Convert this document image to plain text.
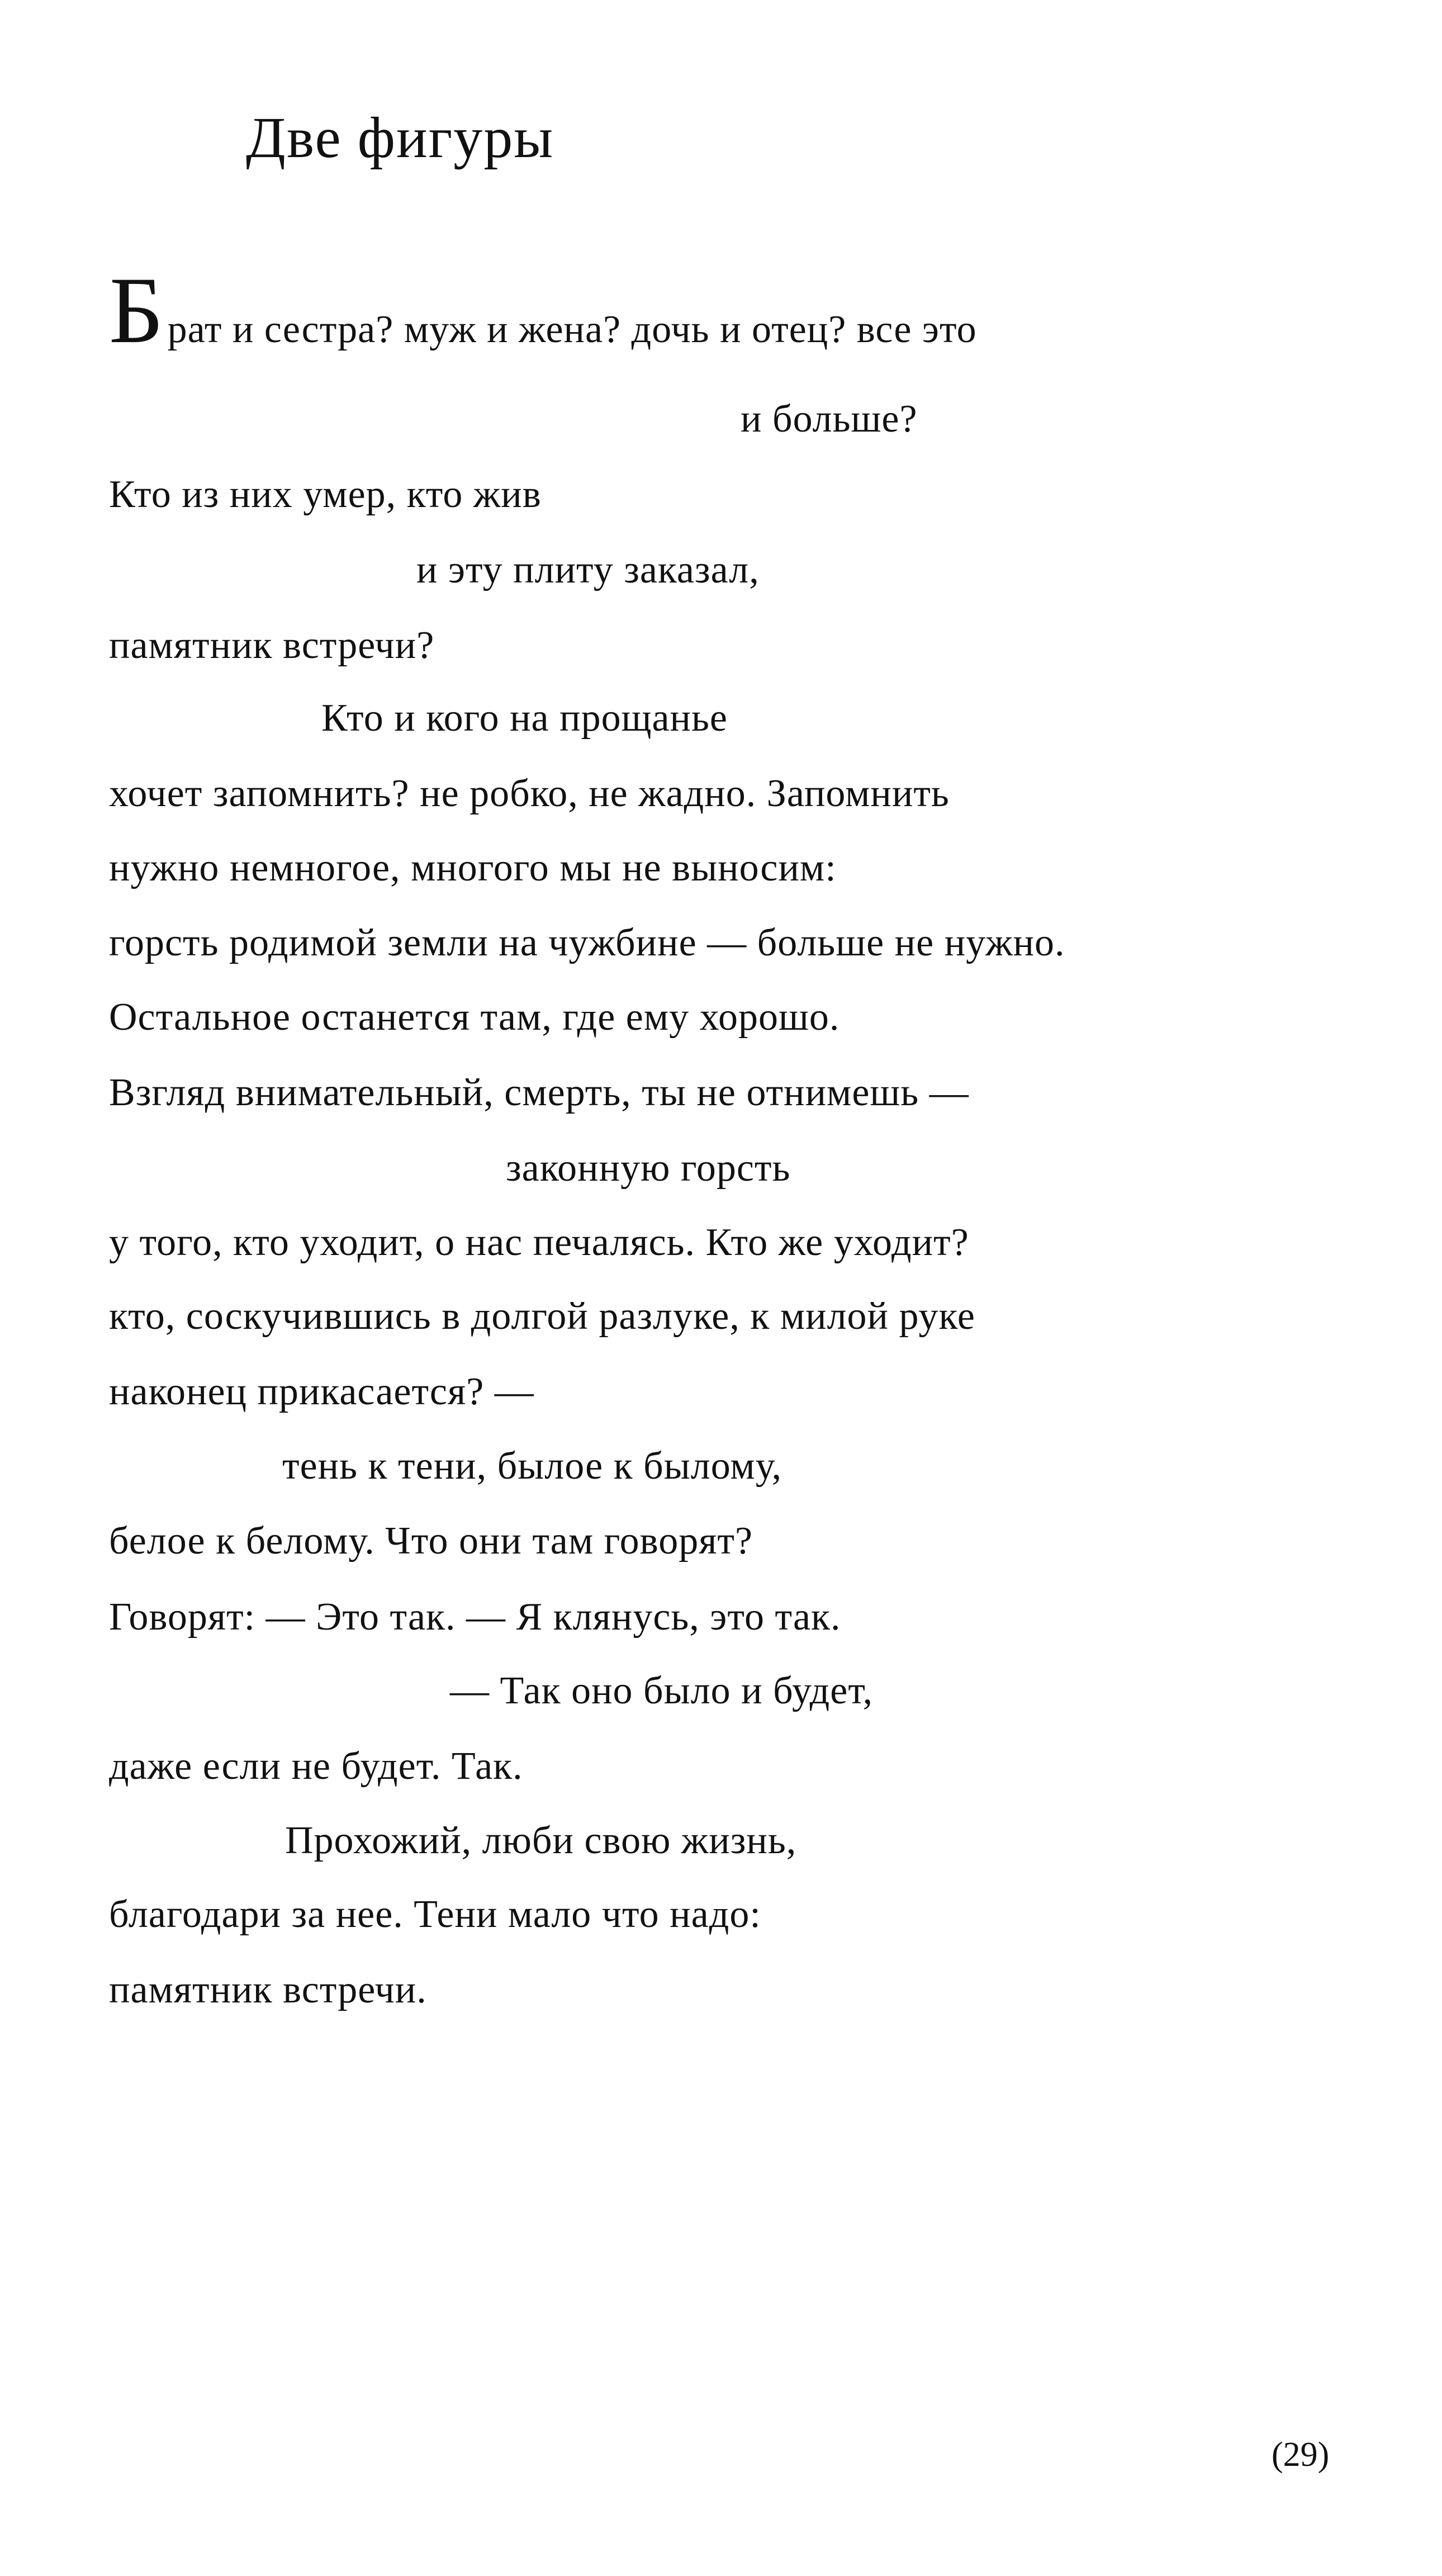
Две фигуры
Брат и сестра? муж и жена? дочь и отец? все это
и больше?
Кто из них умер, кто жив
и эту плиту заказал,
памятник встречи?
Кто и кого на прощанье
хочет запомнить? не робко, не жадно. Запомнить
нужно немногое, многого мы не выносим:
горсть родимой земли на чужбине — больше не нужно.
Остальное останется там, где ему хорошо.
Взгляд внимательный, смерть, ты не отнимешь —
законную горсть
у того, кто уходит, о нас печалясь. Кто же уходит?
кто, соскучившись в долгой разлуке, к милой руке
наконец прикасается? —
тень к тени, былое к былому,
белое к белому. Что они там говорят?
Говорят: — Это так. — Я клянусь, это так.
— Так оно было и будет,
даже если не будет. Так.
Прохожий, люби свою жизнь,
благодари за нее. Тени мало что надо:
памятник встречи.
(29)
